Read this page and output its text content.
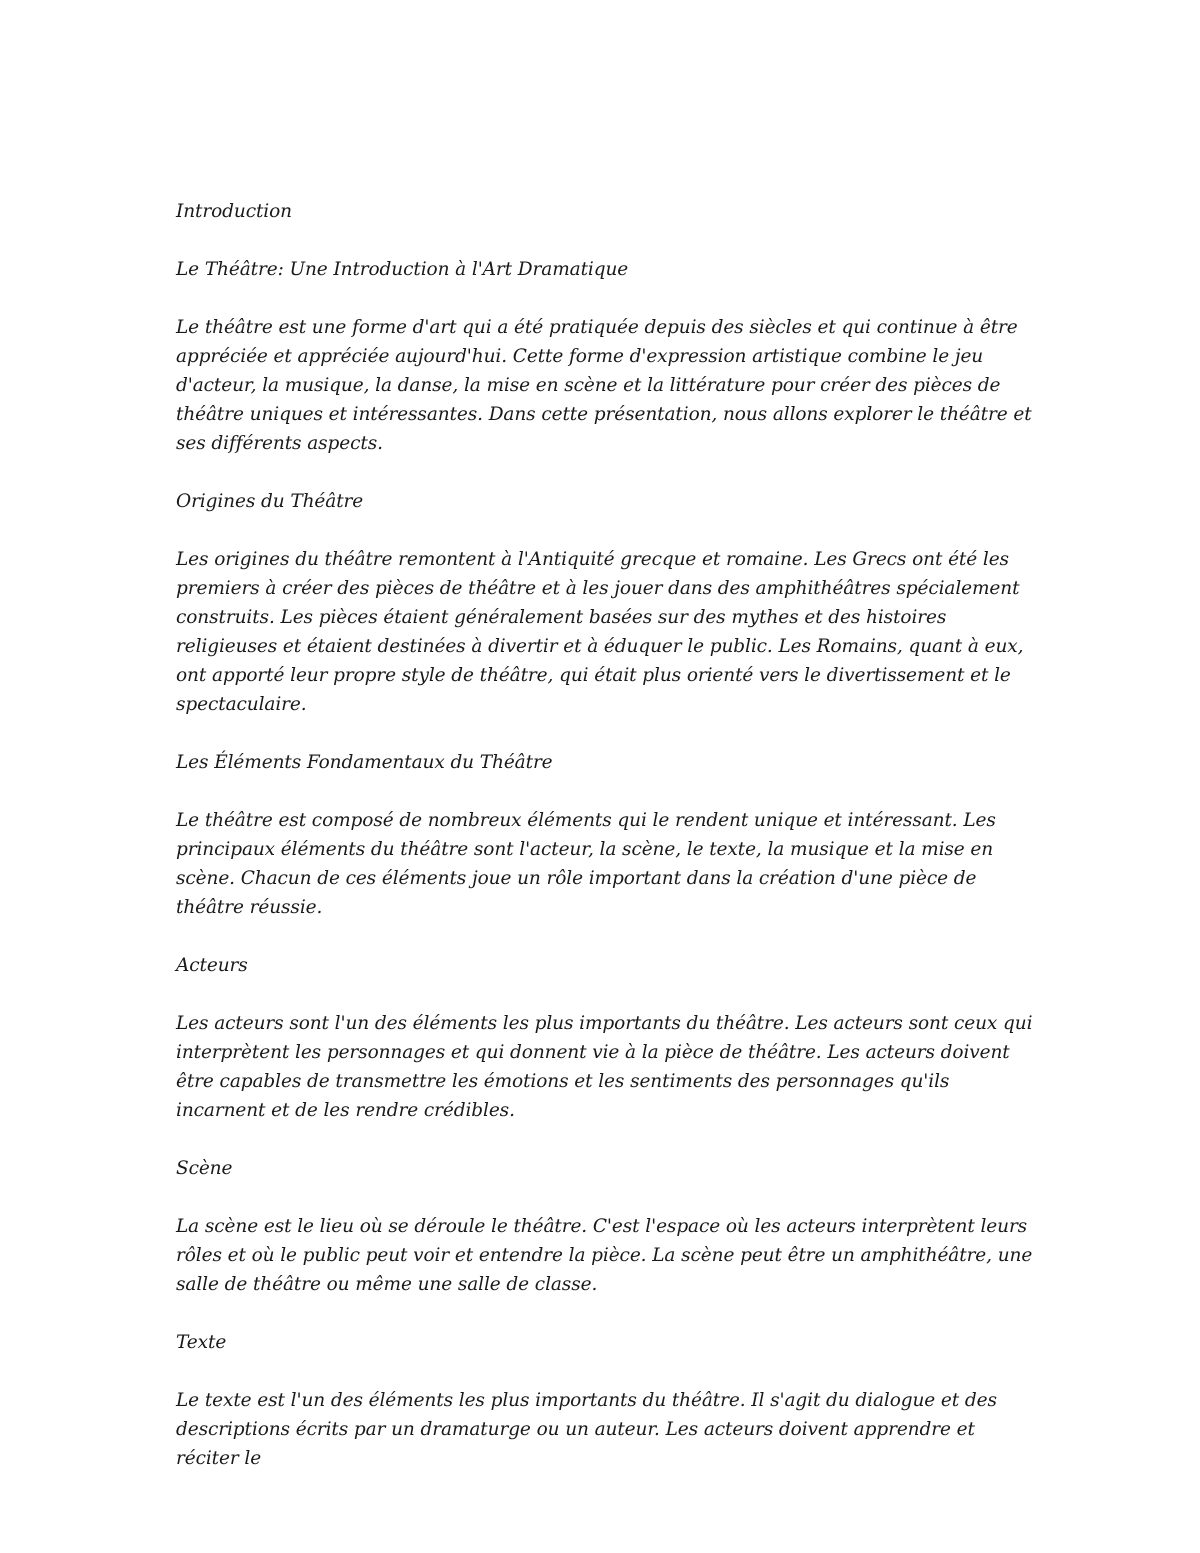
Introduction

Le Théâtre: Une Introduction à l'Art Dramatique

Le théâtre est une forme d'art qui a été pratiquée depuis des siècles et qui continue à être appréciée et appréciée aujourd'hui. Cette forme d'expression artistique combine le jeu d'acteur, la musique, la danse, la mise en scène et la littérature pour créer des pièces de théâtre uniques et intéressantes. Dans cette présentation, nous allons explorer le théâtre et ses différents aspects.

Origines du Théâtre

Les origines du théâtre remontent à l'Antiquité grecque et romaine. Les Grecs ont été les premiers à créer des pièces de théâtre et à les jouer dans des amphithéâtres spécialement construits. Les pièces étaient généralement basées sur des mythes et des histoires religieuses et étaient destinées à divertir et à éduquer le public. Les Romains, quant à eux, ont apporté leur propre style de théâtre, qui était plus orienté vers le divertissement et le spectaculaire.

Les Éléments Fondamentaux du Théâtre

Le théâtre est composé de nombreux éléments qui le rendent unique et intéressant. Les principaux éléments du théâtre sont l'acteur, la scène, le texte, la musique et la mise en scène. Chacun de ces éléments joue un rôle important dans la création d'une pièce de théâtre réussie.

Acteurs

Les acteurs sont l'un des éléments les plus importants du théâtre. Les acteurs sont ceux qui interprètent les personnages et qui donnent vie à la pièce de théâtre. Les acteurs doivent être capables de transmettre les émotions et les sentiments des personnages qu'ils incarnent et de les rendre crédibles.

Scène

La scène est le lieu où se déroule le théâtre. C'est l'espace où les acteurs interprètent leurs rôles et où le public peut voir et entendre la pièce. La scène peut être un amphithéâtre, une salle de théâtre ou même une salle de classe.

Texte

Le texte est l'un des éléments les plus importants du théâtre. Il s'agit du dialogue et des descriptions écrits par un dramaturge ou un auteur. Les acteurs doivent apprendre et réciter le
